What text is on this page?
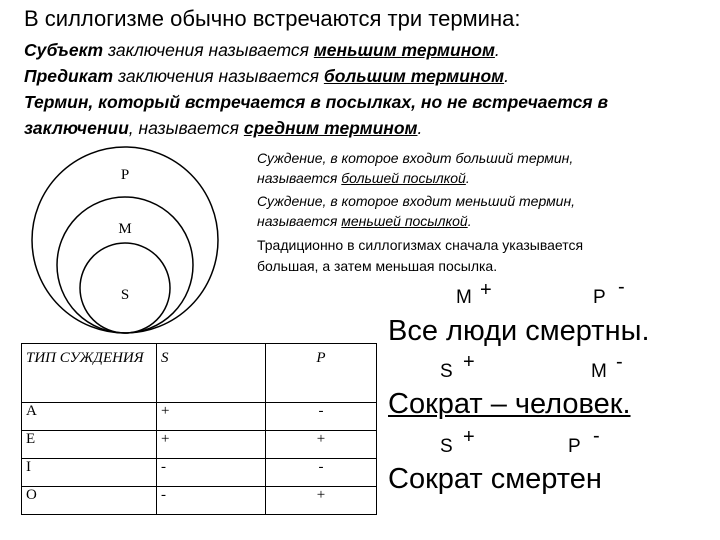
В силлогизме обычно встречаются три термина:
Субъект заключения называется меньшим термином.
Предикат заключения называется большим термином.
Термин, который встречается в посылках, но не встречается в
заключении, называется средним термином.
P
M
S
Суждение, в которое входит больший термин,
называется большей посылкой.
Суждение, в которое входит меньший термин,
называется меньшей посылкой.
Традиционно в силлогизмах сначала указывается
большая, а затем меньшая посылка.
ТИП СУЖДЕНИЯ	S	P
A	+	-
E	+	+
I	-	-
O	-	+
M +	P -
Все люди смертны.
S +	M -
Сократ – человек.
S +	P -
Сократ смертен
